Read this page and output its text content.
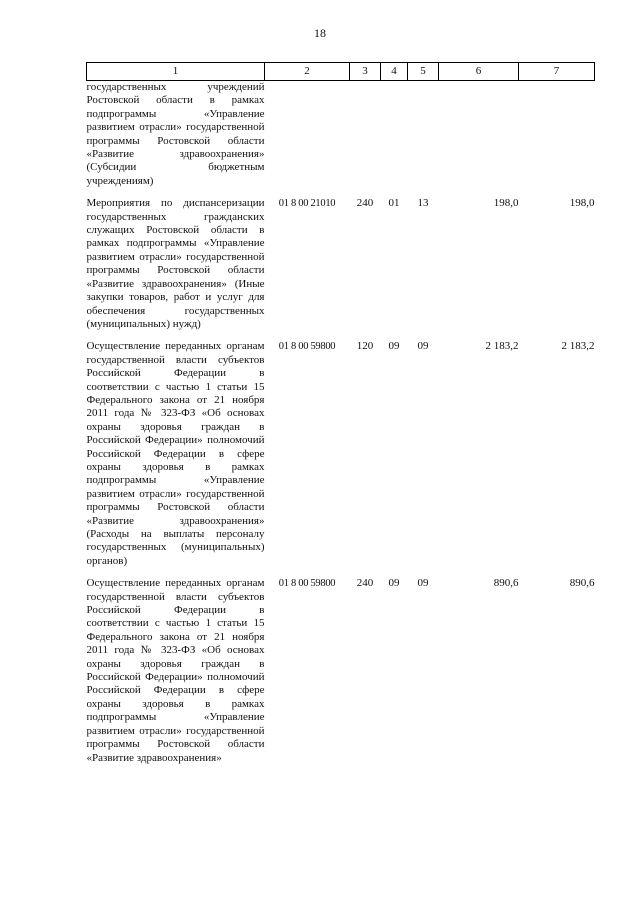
18
1	2	3	4	5	6	7
государственных учреждений Ростовской области в рамках подпрограммы «Управление развитием отрасли» государственной программы Ростовской области «Развитие здравоохранения» (Субсидии бюджетным учреждениям)						
Мероприятия по диспансеризации государственных гражданских служащих Ростовской области в рамках подпрограммы «Управление развитием отрасли» государственной программы Ростовской области «Развитие здравоохранения» (Иные закупки товаров, работ и услуг для обеспечения государственных (муниципальных) нужд)	01 8 00 21010	240	01	13	198,0	198,0
Осуществление переданных органам государственной власти субъектов Российской Федерации в соответствии с частью 1 статьи 15 Федерального закона от 21 ноября 2011 года № 323-ФЗ «Об основах охраны здоровья граждан в Российской Федерации» полномочий Российской Федерации в сфере охраны здоровья в рамках подпрограммы «Управление развитием отрасли» государственной программы Ростовской области «Развитие здравоохранения» (Расходы на выплаты персоналу государственных (муниципальных) органов)	01 8 00 59800	120	09	09	2 183,2	2 183,2
Осуществление переданных органам государственной власти субъектов Российской Федерации в соответствии с частью 1 статьи 15 Федерального закона от 21 ноября 2011 года № 323-ФЗ «Об основах охраны здоровья граждан в Российской Федерации» полномочий Российской Федерации в сфере охраны здоровья в рамках подпрограммы «Управление развитием отрасли» государственной программы Ростовской области «Развитие здравоохранения»	01 8 00 59800	240	09	09	890,6	890,6
